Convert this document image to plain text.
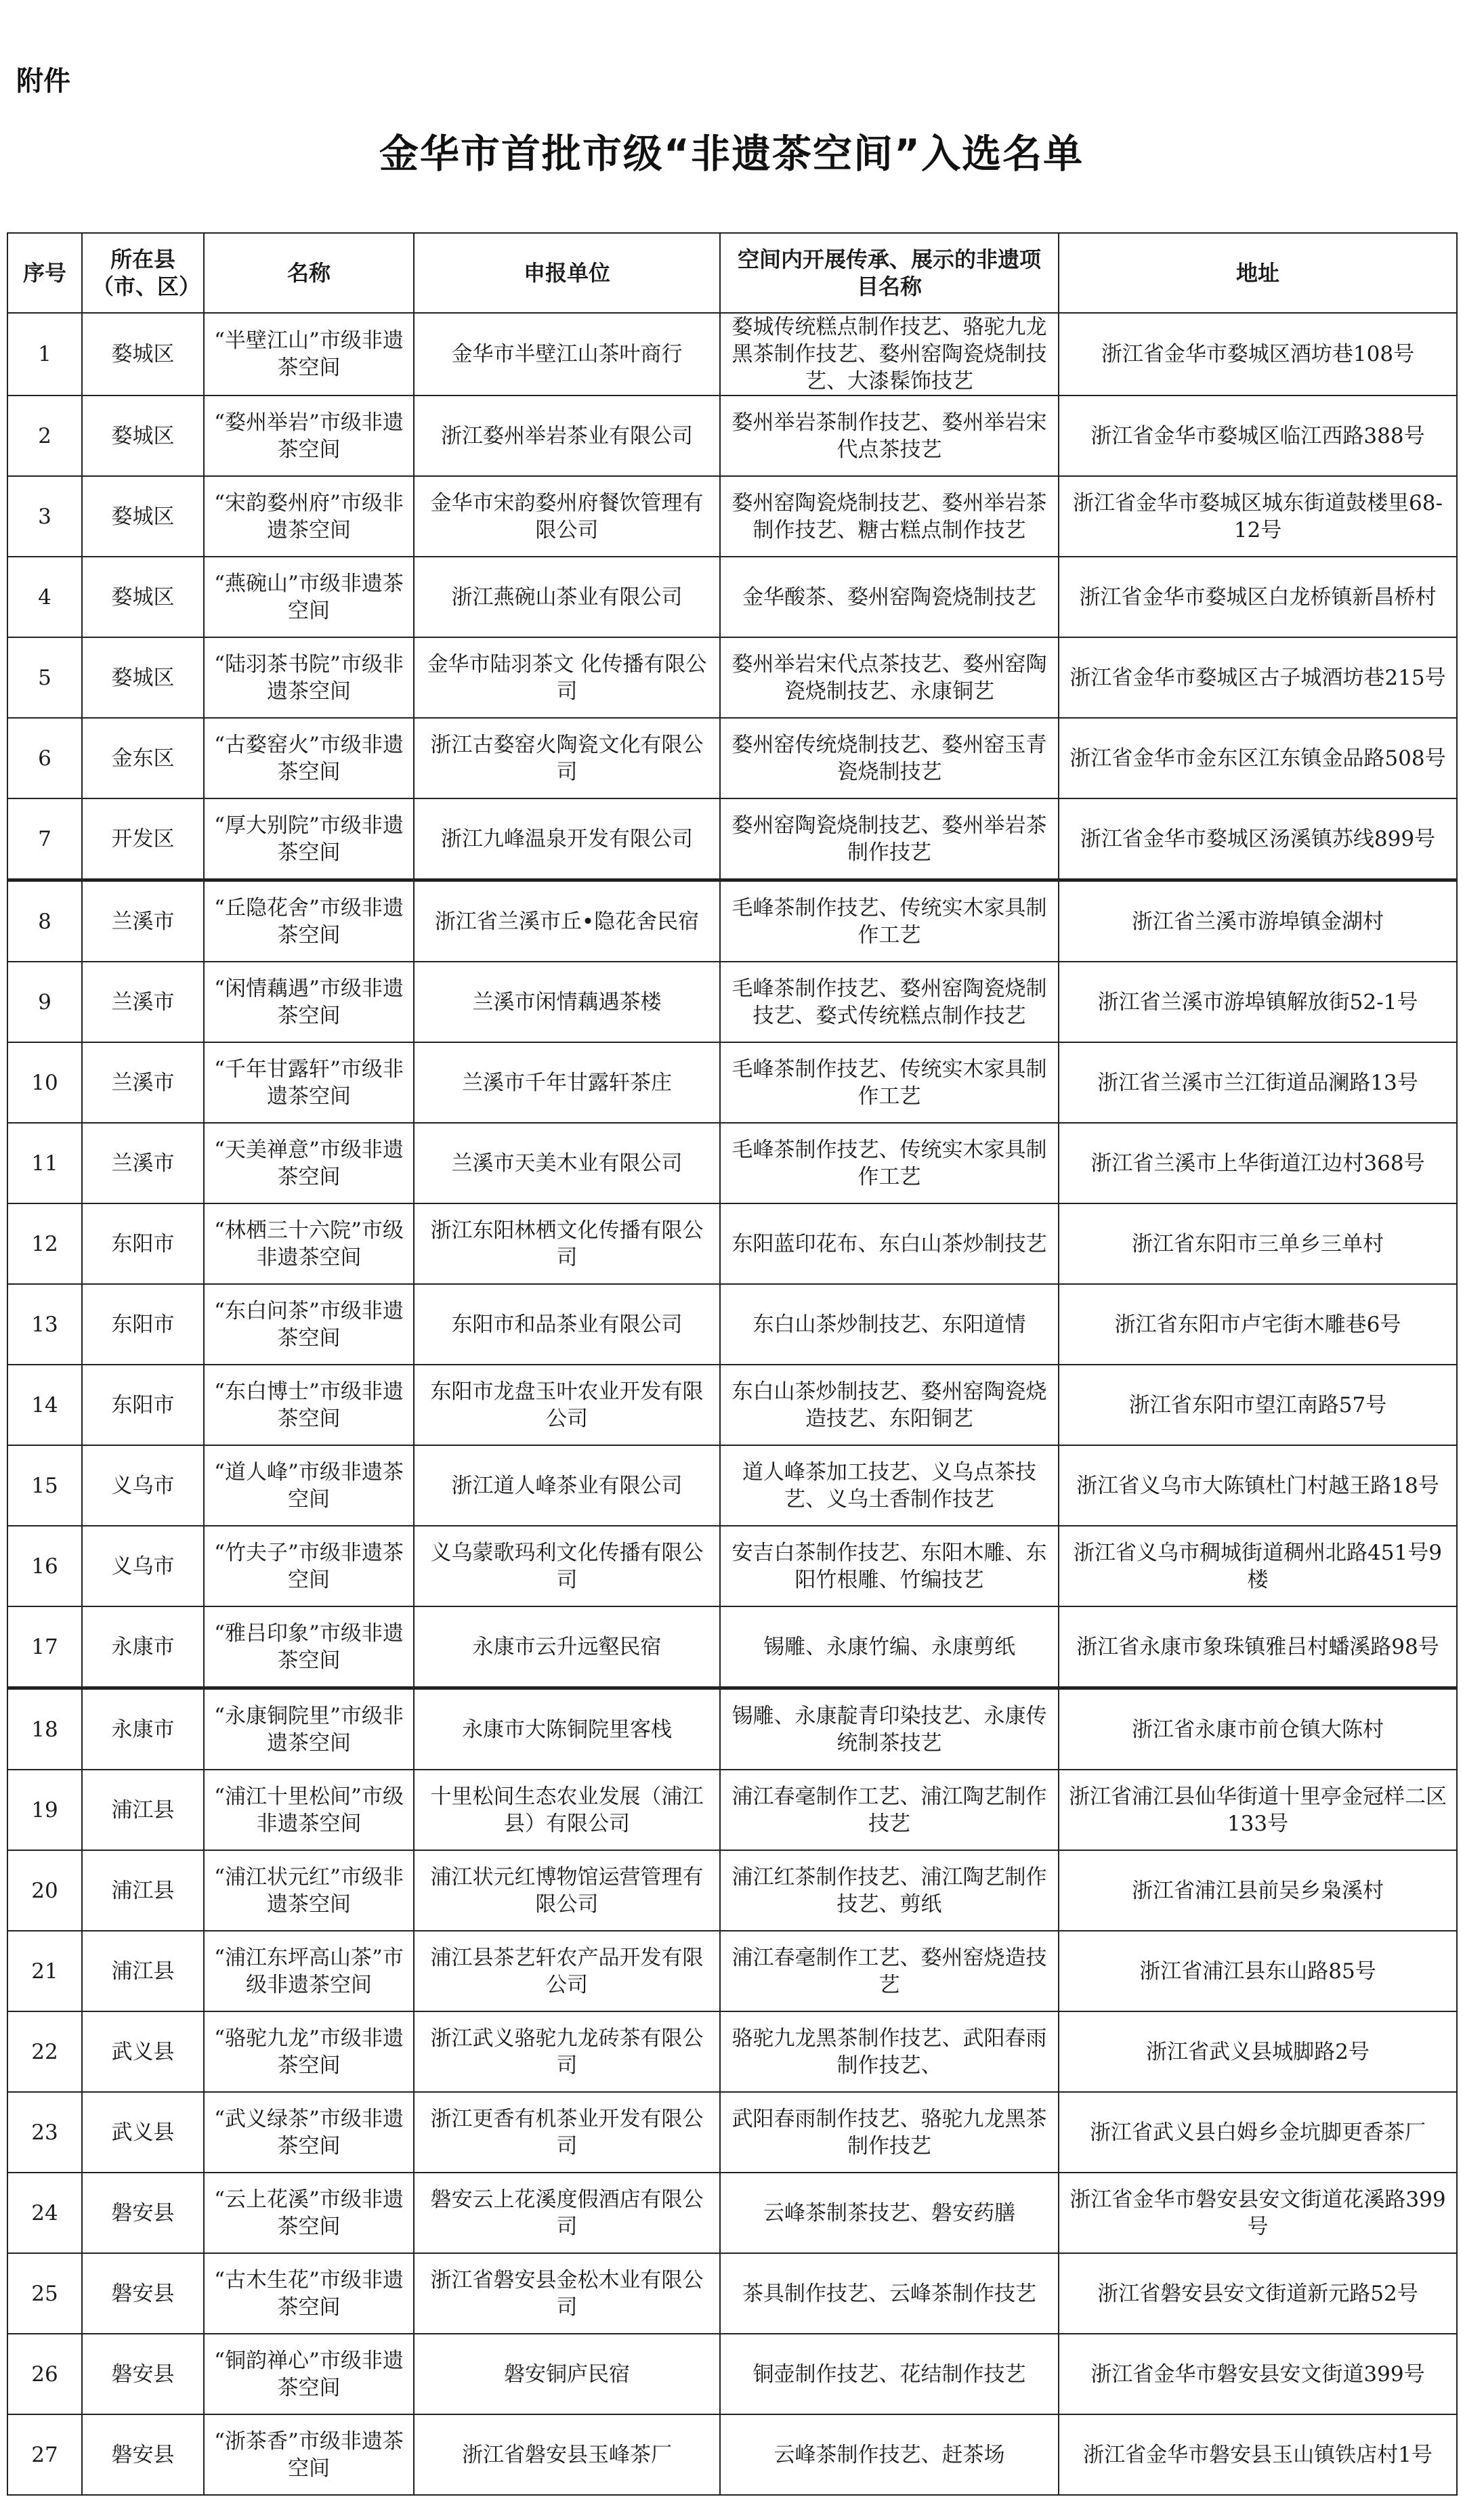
附件
金华市首批市级“非遗茶空间”入选名单
序号	所在县（市、区）	名称	申报单位	空间内开展传承、展示的非遗项目名称	地址
1	婺城区	“半壁江山”市级非遗茶空间	金华市半壁江山茶叶商行	婺城传统糕点制作技艺、骆驼九龙黑茶制作技艺、婺州窑陶瓷烧制技艺、大漆髹饰技艺	浙江省金华市婺城区酒坊巷108号
2	婺城区	“婺州举岩”市级非遗茶空间	浙江婺州举岩茶业有限公司	婺州举岩茶制作技艺、婺州举岩宋代点茶技艺	浙江省金华市婺城区临江西路388号
3	婺城区	“宋韵婺州府”市级非遗茶空间	金华市宋韵婺州府餐饮管理有限公司	婺州窑陶瓷烧制技艺、婺州举岩茶制作技艺、糖古糕点制作技艺	浙江省金华市婺城区城东街道鼓楼里68-12号
4	婺城区	“燕碗山”市级非遗茶空间	浙江燕碗山茶业有限公司	金华酸茶、婺州窑陶瓷烧制技艺	浙江省金华市婺城区白龙桥镇新昌桥村
5	婺城区	“陆羽茶书院”市级非遗茶空间	金华市陆羽茶文 化传播有限公司	婺州举岩宋代点茶技艺、婺州窑陶瓷烧制技艺、永康铜艺	浙江省金华市婺城区古子城酒坊巷215号
6	金东区	“古婺窑火”市级非遗茶空间	浙江古婺窑火陶瓷文化有限公司	婺州窑传统烧制技艺、婺州窑玉青瓷烧制技艺	浙江省金华市金东区江东镇金品路508号
7	开发区	“厚大别院”市级非遗茶空间	浙江九峰温泉开发有限公司	婺州窑陶瓷烧制技艺、婺州举岩茶制作技艺	浙江省金华市婺城区汤溪镇苏线899号
8	兰溪市	“丘隐花舍”市级非遗茶空间	浙江省兰溪市丘•隐花舍民宿	毛峰茶制作技艺、传统实木家具制作工艺	浙江省兰溪市游埠镇金湖村
9	兰溪市	“闲情藕遇”市级非遗茶空间	兰溪市闲情藕遇茶楼	毛峰茶制作技艺、婺州窑陶瓷烧制技艺、婺式传统糕点制作技艺	浙江省兰溪市游埠镇解放街52-1号
10	兰溪市	“千年甘露轩”市级非遗茶空间	兰溪市千年甘露轩茶庄	毛峰茶制作技艺、传统实木家具制作工艺	浙江省兰溪市兰江街道品澜路13号
11	兰溪市	“天美禅意”市级非遗茶空间	兰溪市天美木业有限公司	毛峰茶制作技艺、传统实木家具制作工艺	浙江省兰溪市上华街道江边村368号
12	东阳市	“林栖三十六院”市级非遗茶空间	浙江东阳林栖文化传播有限公司	东阳蓝印花布、东白山茶炒制技艺	浙江省东阳市三单乡三单村
13	东阳市	“东白问茶”市级非遗茶空间	东阳市和品茶业有限公司	东白山茶炒制技艺、东阳道情	浙江省东阳市卢宅街木雕巷6号
14	东阳市	“东白博士”市级非遗茶空间	东阳市龙盘玉叶农业开发有限公司	东白山茶炒制技艺、婺州窑陶瓷烧造技艺、东阳铜艺	浙江省东阳市望江南路57号
15	义乌市	“道人峰”市级非遗茶空间	浙江道人峰茶业有限公司	道人峰茶加工技艺、义乌点茶技艺、义乌土香制作技艺	浙江省义乌市大陈镇杜门村越王路18号
16	义乌市	“竹夫子”市级非遗茶空间	义乌蒙歌玛利文化传播有限公司	安吉白茶制作技艺、东阳木雕、东阳竹根雕、竹编技艺	浙江省义乌市稠城街道稠州北路451号9楼
17	永康市	“雅吕印象”市级非遗茶空间	永康市云升远壑民宿	锡雕、永康竹编、永康剪纸	浙江省永康市象珠镇雅吕村蟠溪路98号
18	永康市	“永康铜院里”市级非遗茶空间	永康市大陈铜院里客栈	锡雕、永康靛青印染技艺、永康传统制茶技艺	浙江省永康市前仓镇大陈村
19	浦江县	“浦江十里松间”市级非遗茶空间	十里松间生态农业发展（浦江县）有限公司	浦江春毫制作工艺、浦江陶艺制作技艺	浙江省浦江县仙华街道十里亭金冠样二区133号
20	浦江县	“浦江状元红”市级非遗茶空间	浦江状元红博物馆运营管理有限公司	浦江红茶制作技艺、浦江陶艺制作技艺、剪纸	浙江省浦江县前吴乡枭溪村
21	浦江县	“浦江东坪高山茶”市级非遗茶空间	浦江县茶艺轩农产品开发有限公司	浦江春毫制作工艺、婺州窑烧造技艺	浙江省浦江县东山路85号
22	武义县	“骆驼九龙”市级非遗茶空间	浙江武义骆驼九龙砖茶有限公司	骆驼九龙黑茶制作技艺、武阳春雨制作技艺、	浙江省武义县城脚路2号
23	武义县	“武义绿茶”市级非遗茶空间	浙江更香有机茶业开发有限公司	武阳春雨制作技艺、骆驼九龙黑茶制作技艺	浙江省武义县白姆乡金坑脚更香茶厂
24	磐安县	“云上花溪”市级非遗茶空间	磐安云上花溪度假酒店有限公司	云峰茶制茶技艺、磐安药膳	浙江省金华市磐安县安文街道花溪路399号
25	磐安县	“古木生花”市级非遗茶空间	浙江省磐安县金松木业有限公司	茶具制作技艺、云峰茶制作技艺	浙江省磐安县安文街道新元路52号
26	磐安县	“铜韵禅心”市级非遗茶空间	磐安铜庐民宿	铜壶制作技艺、花结制作技艺	浙江省金华市磐安县安文街道399号
27	磐安县	“浙茶香”市级非遗茶空间	浙江省磐安县玉峰茶厂	云峰茶制作技艺、赶茶场	浙江省金华市磐安县玉山镇铁店村1号
